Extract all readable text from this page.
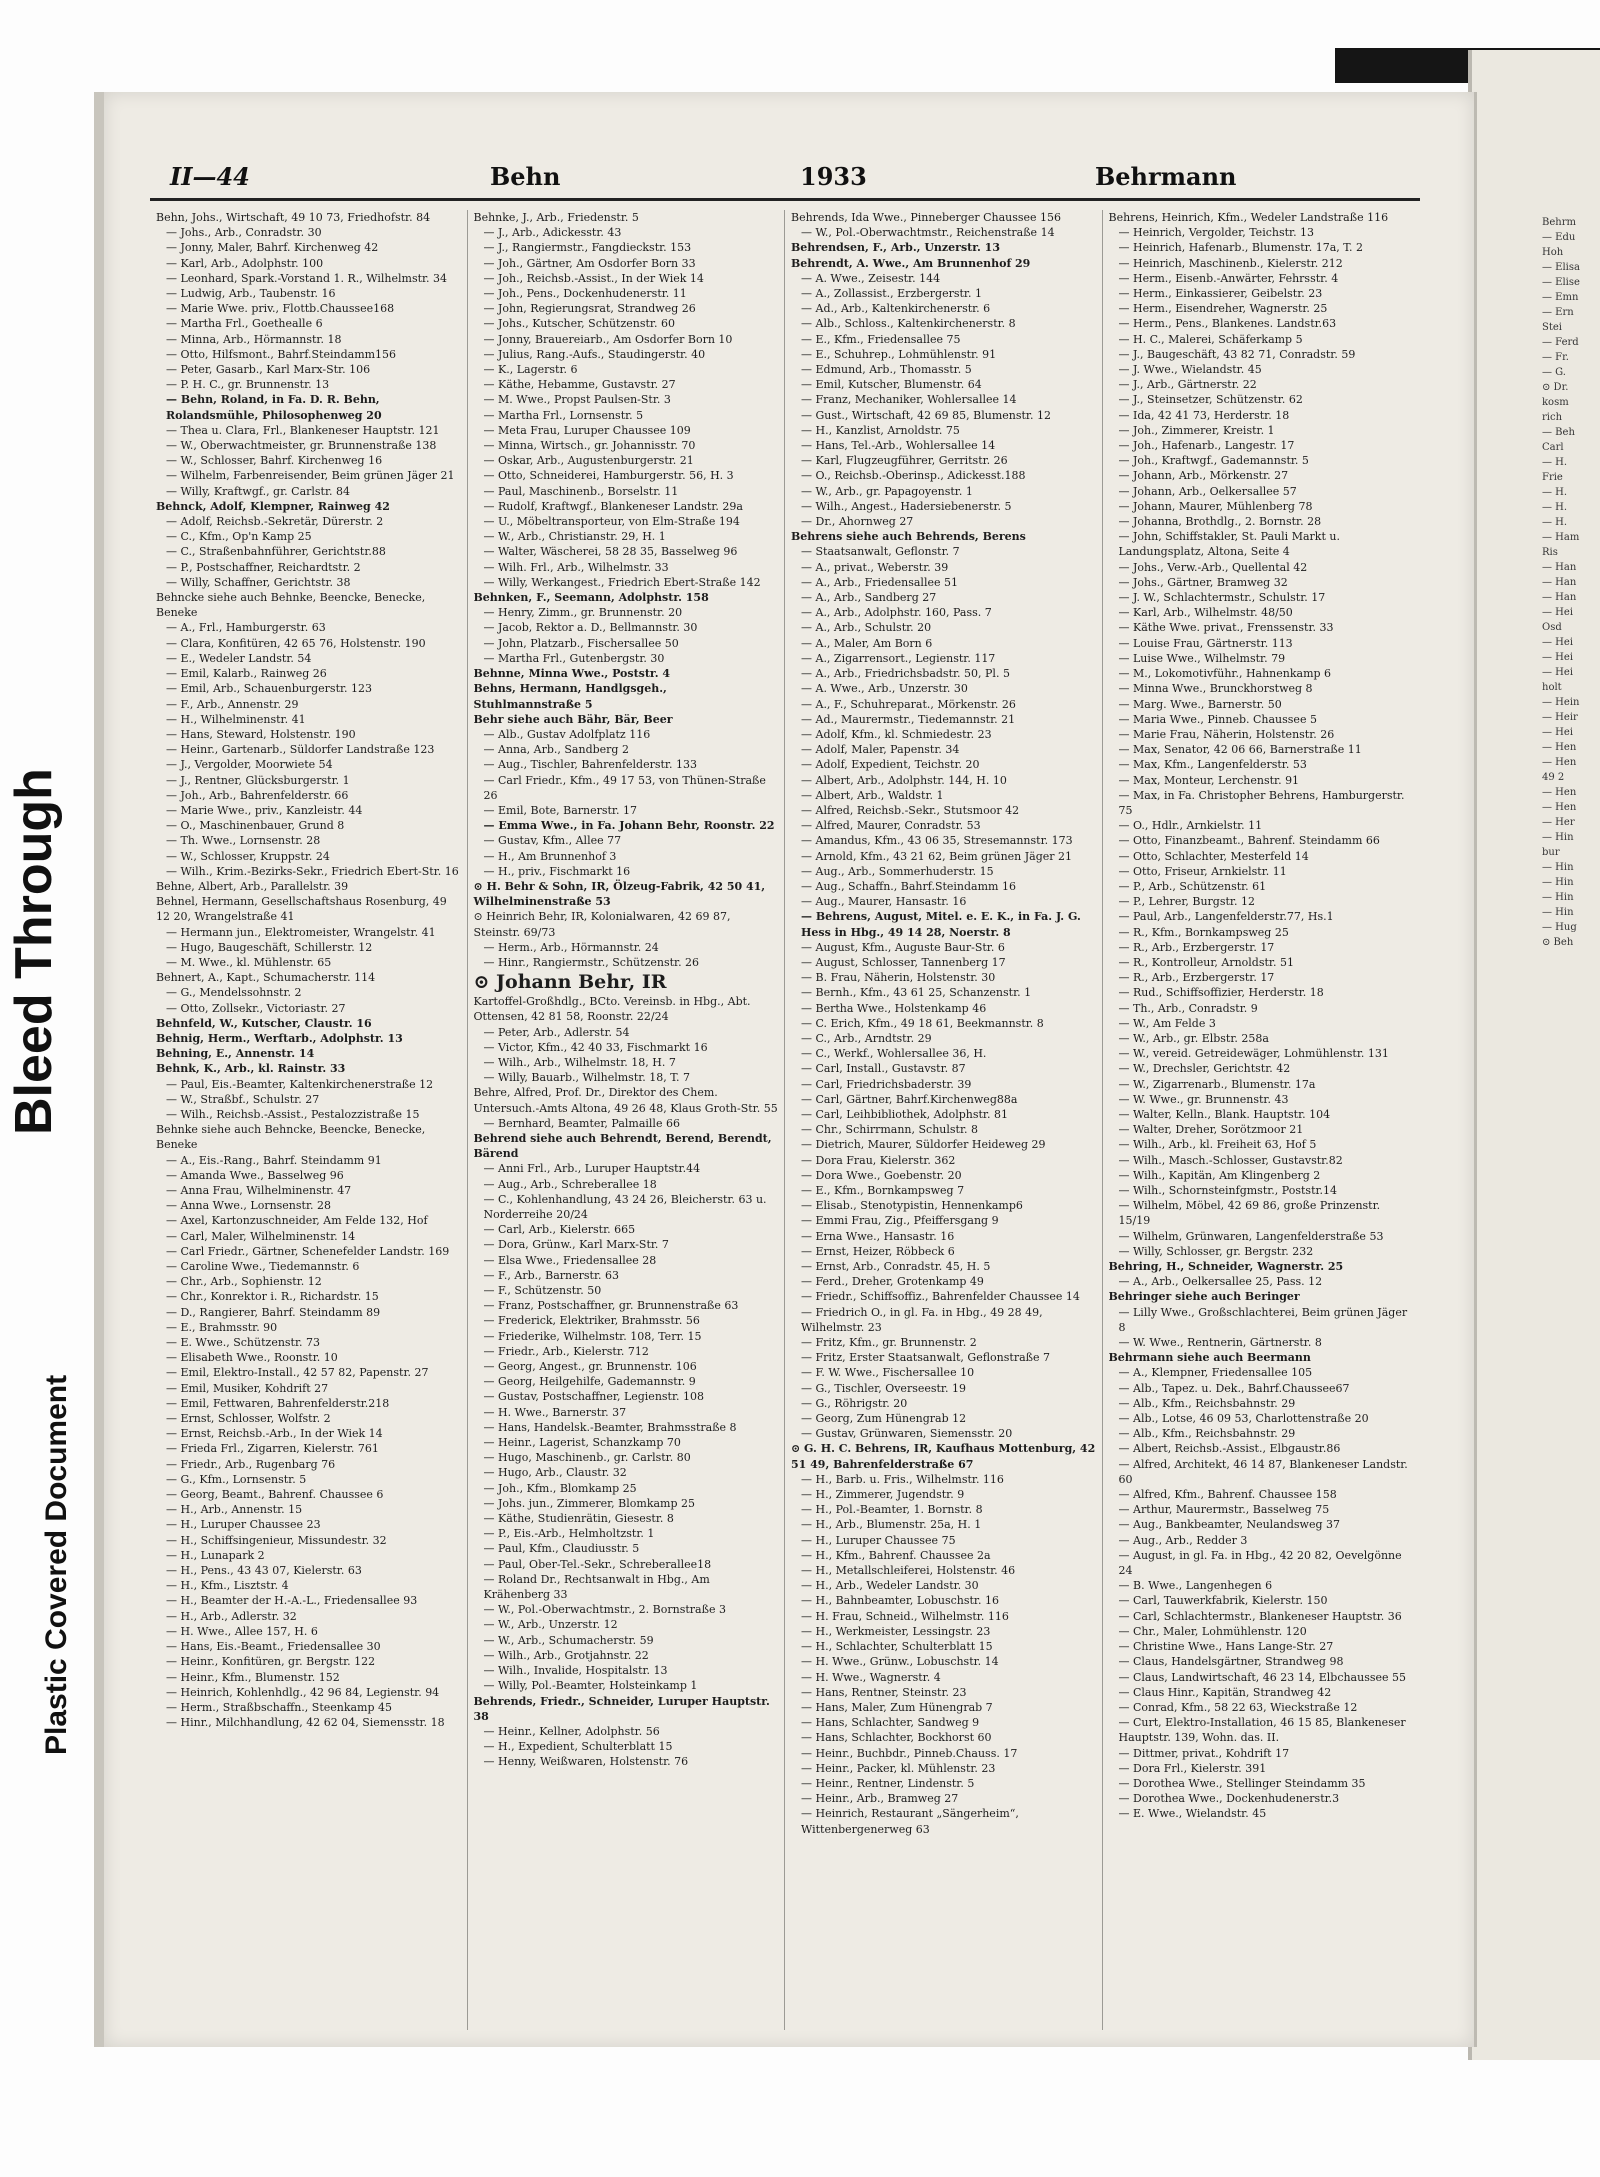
Bleed Through
Plastic Covered Document
Behrm
— Edu
Hoh
— Elisa
— Elise
— Emn
— Ern
Stei
— Ferd
— Fr.
— G.
⊙ Dr.
kosm
rich
— Beh
Carl
— H.
Frie
— H.
— H.
— H.
— Ham
Ris
— Han
— Han
— Han
— Hei
Osd
— Hei
— Hei
— Hei
holt
— Hein
— Heir
— Hei
— Hen
— Hen
49 2
— Hen
— Hen
— Her
— Hin
bur
— Hin
— Hin
— Hin
— Hin
— Hug
⊙ Beh
II—44	Behn	1933	Behrmann

Behn, Johs., Wirtschaft, 49 10 73, Friedhofstr. 84

— Johs., Arb., Conradstr. 30

— Jonny, Maler, Bahrf. Kirchenweg 42

— Karl, Arb., Adolphstr. 100

— Leonhard, Spark.-Vorstand 1. R., Wilhelmstr. 34

— Ludwig, Arb., Taubenstr. 16

— Marie Wwe. priv., Flottb.Chaussee168

— Martha Frl., Goethealle 6

— Minna, Arb., Hörmannstr. 18

— Otto, Hilfsmont., Bahrf.Steindamm156

— Peter, Gasarb., Karl Marx-Str. 106

— P. H. C., gr. Brunnenstr. 13

— Behn, Roland, in Fa. D. R. Behn, Rolandsmühle, Philosophenweg 20

— Thea u. Clara, Frl., Blankeneser Hauptstr. 121

— W., Oberwachtmeister, gr. Brunnenstraße 138

— W., Schlosser, Bahrf. Kirchenweg 16

— Wilhelm, Farbenreisender, Beim grünen Jäger 21

— Willy, Kraftwgf., gr. Carlstr. 84

Behnck, Adolf, Klempner, Rainweg 42

— Adolf, Reichsb.-Sekretär, Dürerstr. 2

— C., Kfm., Op'n Kamp 25

— C., Straßenbahnführer, Gerichtstr.88

— P., Postschaffner, Reichardtstr. 2

— Willy, Schaffner, Gerichtstr. 38

Behncke siehe auch Behnke, Beencke, Benecke, Beneke

— A., Frl., Hamburgerstr. 63

— Clara, Konfitüren, 42 65 76, Holstenstr. 190

— E., Wedeler Landstr. 54

— Emil, Kalarb., Rainweg 26

— Emil, Arb., Schauenburgerstr. 123

— F., Arb., Annenstr. 29

— H., Wilhelminenstr. 41

— Hans, Steward, Holstenstr. 190

— Heinr., Gartenarb., Süldorfer Landstraße 123

— J., Vergolder, Moorwiete 54

— J., Rentner, Glücksburgerstr. 1

— Joh., Arb., Bahrenfelderstr. 66

— Marie Wwe., priv., Kanzleistr. 44

— O., Maschinenbauer, Grund 8

— Th. Wwe., Lornsenstr. 28

— W., Schlosser, Kruppstr. 24

— Wilh., Krim.-Bezirks-Sekr., Friedrich Ebert-Str. 16

Behne, Albert, Arb., Parallelstr. 39

Behnel, Hermann, Gesellschaftshaus Rosenburg, 49 12 20, Wrangelstraße 41

— Hermann jun., Elektromeister, Wrangelstr. 41

— Hugo, Baugeschäft, Schillerstr. 12

— M. Wwe., kl. Mühlenstr. 65

Behnert, A., Kapt., Schumacherstr. 114

— G., Mendelssohnstr. 2

— Otto, Zollsekr., Victoriastr. 27

Behnfeld, W., Kutscher, Claustr. 16

Behnig, Herm., Werftarb., Adolphstr. 13

Behning, E., Annenstr. 14

Behnk, K., Arb., kl. Rainstr. 33

— Paul, Eis.-Beamter, Kaltenkirchenerstraße 12

— W., Straßbf., Schulstr. 27

— Wilh., Reichsb.-Assist., Pestalozzistraße 15

Behnke siehe auch Behncke, Beencke, Benecke, Beneke

— A., Eis.-Rang., Bahrf. Steindamm 91

— Amanda Wwe., Basselweg 96

— Anna Frau, Wilhelminenstr. 47

— Anna Wwe., Lornsenstr. 28

— Axel, Kartonzuschneider, Am Felde 132, Hof

— Carl, Maler, Wilhelminenstr. 14

— Carl Friedr., Gärtner, Schenefelder Landstr. 169

— Caroline Wwe., Tiedemannstr. 6

— Chr., Arb., Sophienstr. 12

— Chr., Konrektor i. R., Richardstr. 15

— D., Rangierer, Bahrf. Steindamm 89

— E., Brahmsstr. 90

— E. Wwe., Schützenstr. 73

— Elisabeth Wwe., Roonstr. 10

— Emil, Elektro-Install., 42 57 82, Papenstr. 27

— Emil, Musiker, Kohdrift 27

— Emil, Fettwaren, Bahrenfelderstr.218

— Ernst, Schlosser, Wolfstr. 2

— Ernst, Reichsb.-Arb., In der Wiek 14

— Frieda Frl., Zigarren, Kielerstr. 761

— Friedr., Arb., Rugenbarg 76

— G., Kfm., Lornsenstr. 5

— Georg, Beamt., Bahrenf. Chaussee 6

— H., Arb., Annenstr. 15

— H., Luruper Chaussee 23

— H., Schiffsingenieur, Missundestr. 32

— H., Lunapark 2

— H., Pens., 43 43 07, Kielerstr. 63

— H., Kfm., Lisztstr. 4

— H., Beamter der H.-A.-L., Friedensallee 93

— H., Arb., Adlerstr. 32

— H. Wwe., Allee 157, H. 6

— Hans, Eis.-Beamt., Friedensallee 30

— Heinr., Konfitüren, gr. Bergstr. 122

— Heinr., Kfm., Blumenstr. 152

— Heinrich, Kohlenhdlg., 42 96 84, Legienstr. 94

— Herm., Straßbschaffn., Steenkamp 45

— Hinr., Milchhandlung, 42 62 04, Siemensstr. 18

Behnke, J., Arb., Friedenstr. 5

— J., Arb., Adickesstr. 43

— J., Rangiermstr., Fangdieckstr. 153

— Joh., Gärtner, Am Osdorfer Born 33

— Joh., Reichsb.-Assist., In der Wiek 14

— Joh., Pens., Dockenhudenerstr. 11

— John, Regierungsrat, Strandweg 26

— Johs., Kutscher, Schützenstr. 60

— Jonny, Brauereiarb., Am Osdorfer Born 10

— Julius, Rang.-Aufs., Staudingerstr. 40

— K., Lagerstr. 6

— Käthe, Hebamme, Gustavstr. 27

— M. Wwe., Propst Paulsen-Str. 3

— Martha Frl., Lornsenstr. 5

— Meta Frau, Luruper Chaussee 109

— Minna, Wirtsch., gr. Johannisstr. 70

— Oskar, Arb., Augustenburgerstr. 21

— Otto, Schneiderei, Hamburgerstr. 56, H. 3

— Paul, Maschinenb., Borselstr. 11

— Rudolf, Kraftwgf., Blankeneser Landstr. 29a

— U., Möbeltransporteur, von Elm-Straße 194

— W., Arb., Christianstr. 29, H. 1

— Walter, Wäscherei, 58 28 35, Basselweg 96

— Wilh. Frl., Arb., Wilhelmstr. 33

— Willy, Werkangest., Friedrich Ebert-Straße 142

Behnken, F., Seemann, Adolphstr. 158

— Henry, Zimm., gr. Brunnenstr. 20

— Jacob, Rektor a. D., Bellmannstr. 30

— John, Platzarb., Fischersallee 50

— Martha Frl., Gutenbergstr. 30

Behnne, Minna Wwe., Poststr. 4

Behns, Hermann, Handlgsgeh., Stuhlmannstraße 5

Behr siehe auch Bähr, Bär, Beer

— Alb., Gustav Adolfplatz 116

— Anna, Arb., Sandberg 2

— Aug., Tischler, Bahrenfelderstr. 133

— Carl Friedr., Kfm., 49 17 53, von Thünen-Straße 26

— Emil, Bote, Barnerstr. 17

— Emma Wwe., in Fa. Johann Behr, Roonstr. 22

— Gustav, Kfm., Allee 77

— H., Am Brunnenhof 3

— H., priv., Fischmarkt 16

⊙ H. Behr & Sohn, IR, Ölzeug-Fabrik, 42 50 41, Wilhelminenstraße 53

⊙ Heinrich Behr, IR, Kolonialwaren, 42 69 87, Steinstr. 69/73

— Herm., Arb., Hörmannstr. 24

— Hinr., Rangiermstr., Schützenstr. 26

⊙ Johann Behr, IR

Kartoffel-Großhdlg., BCto. Vereinsb. in Hbg., Abt. Ottensen, 42 81 58, Roonstr. 22/24

— Peter, Arb., Adlerstr. 54

— Victor, Kfm., 42 40 33, Fischmarkt 16

— Wilh., Arb., Wilhelmstr. 18, H. 7

— Willy, Bauarb., Wilhelmstr. 18, T. 7

Behre, Alfred, Prof. Dr., Direktor des Chem. Untersuch.-Amts Altona, 49 26 48, Klaus Groth-Str. 55

— Bernhard, Beamter, Palmaille 66

Behrend siehe auch Behrendt, Berend, Berendt, Bärend

— Anni Frl., Arb., Luruper Hauptstr.44

— Aug., Arb., Schreberallee 18

— C., Kohlenhandlung, 43 24 26, Bleicherstr. 63 u. Norderreihe 20/24

— Carl, Arb., Kielerstr. 665

— Dora, Grünw., Karl Marx-Str. 7

— Elsa Wwe., Friedensallee 28

— F., Arb., Barnerstr. 63

— F., Schützenstr. 50

— Franz, Postschaffner, gr. Brunnenstraße 63

— Frederick, Elektriker, Brahmsstr. 56

— Friederike, Wilhelmstr. 108, Terr. 15

— Friedr., Arb., Kielerstr. 712

— Georg, Angest., gr. Brunnenstr. 106

— Georg, Heilgehilfe, Gademannstr. 9

— Gustav, Postschaffner, Legienstr. 108

— H. Wwe., Barnerstr. 37

— Hans, Handelsk.-Beamter, Brahmsstraße 8

— Heinr., Lagerist, Schanzkamp 70

— Hugo, Maschinenb., gr. Carlstr. 80

— Hugo, Arb., Claustr. 32

— Joh., Kfm., Blomkamp 25

— Johs. jun., Zimmerer, Blomkamp 25

— Käthe, Studienrätin, Giesestr. 8

— P., Eis.-Arb., Helmholtzstr. 1

— Paul, Kfm., Claudiusstr. 5

— Paul, Ober-Tel.-Sekr., Schreberallee18

— Roland Dr., Rechtsanwalt in Hbg., Am Krähenberg 33

— W., Pol.-Oberwachtmstr., 2. Bornstraße 3

— W., Arb., Unzerstr. 12

— W., Arb., Schumacherstr. 59

— Wilh., Arb., Grotjahnstr. 22

— Wilh., Invalide, Hospitalstr. 13

— Willy, Pol.-Beamter, Holsteinkamp 1

Behrends, Friedr., Schneider, Luruper Hauptstr. 38

— Heinr., Kellner, Adolphstr. 56

— H., Expedient, Schulterblatt 15

— Henny, Weißwaren, Holstenstr. 76

Behrends, Ida Wwe., Pinneberger Chaussee 156

— W., Pol.-Oberwachtmstr., Reichenstraße 14

Behrendsen, F., Arb., Unzerstr. 13

Behrendt, A. Wwe., Am Brunnenhof 29

— A. Wwe., Zeisestr. 144

— A., Zollassist., Erzbergerstr. 1

— Ad., Arb., Kaltenkirchenerstr. 6

— Alb., Schloss., Kaltenkirchenerstr. 8

— E., Kfm., Friedensallee 75

— E., Schuhrep., Lohmühlenstr. 91

— Edmund, Arb., Thomasstr. 5

— Emil, Kutscher, Blumenstr. 64

— Franz, Mechaniker, Wohlersallee 14

— Gust., Wirtschaft, 42 69 85, Blumenstr. 12

— H., Kanzlist, Arnoldstr. 75

— Hans, Tel.-Arb., Wohlersallee 14

— Karl, Flugzeugführer, Gerritstr. 26

— O., Reichsb.-Oberinsp., Adickesst.188

— W., Arb., gr. Papagoyenstr. 1

— Wilh., Angest., Hadersiebenerstr. 5

— Dr., Ahornweg 27

Behrens siehe auch Behrends, Berens

— Staatsanwalt, Geflonstr. 7

— A., privat., Weberstr. 39

— A., Arb., Friedensallee 51

— A., Arb., Sandberg 27

— A., Arb., Adolphstr. 160, Pass. 7

— A., Arb., Schulstr. 20

— A., Maler, Am Born 6

— A., Zigarrensort., Legienstr. 117

— A., Arb., Friedrichsbadstr. 50, Pl. 5

— A. Wwe., Arb., Unzerstr. 30

— A., F., Schuhreparat., Mörkenstr. 26

— Ad., Maurermstr., Tiedemannstr. 21

— Adolf, Kfm., kl. Schmiedestr. 23

— Adolf, Maler, Papenstr. 34

— Adolf, Expedient, Teichstr. 20

— Albert, Arb., Adolphstr. 144, H. 10

— Albert, Arb., Waldstr. 1

— Alfred, Reichsb.-Sekr., Stutsmoor 42

— Alfred, Maurer, Conradstr. 53

— Amandus, Kfm., 43 06 35, Stresemannstr. 173

— Arnold, Kfm., 43 21 62, Beim grünen Jäger 21

— Aug., Arb., Sommerhuderstr. 15

— Aug., Schaffn., Bahrf.Steindamm 16

— Aug., Maurer, Hansastr. 16

— Behrens, August, Mitel. e. E. K., in Fa. J. G. Hess in Hbg., 49 14 28, Noerstr. 8

— August, Kfm., Auguste Baur-Str. 6

— August, Schlosser, Tannenberg 17

— B. Frau, Näherin, Holstenstr. 30

— Bernh., Kfm., 43 61 25, Schanzenstr. 1

— Bertha Wwe., Holstenkamp 46

— C. Erich, Kfm., 49 18 61, Beekmannstr. 8

— C., Arb., Arndtstr. 29

— C., Werkf., Wohlersallee 36, H.

— Carl, Install., Gustavstr. 87

— Carl, Friedrichsbaderstr. 39

— Carl, Gärtner, Bahrf.Kirchenweg88a

— Carl, Leihbibliothek, Adolphstr. 81

— Chr., Schirrmann, Schulstr. 8

— Dietrich, Maurer, Süldorfer Heideweg 29

— Dora Frau, Kielerstr. 362

— Dora Wwe., Goebenstr. 20

— E., Kfm., Bornkampsweg 7

— Elisab., Stenotypistin, Hennenkamp6

— Emmi Frau, Zig., Pfeiffersgang 9

— Erna Wwe., Hansastr. 16

— Ernst, Heizer, Röbbeck 6

— Ernst, Arb., Conradstr. 45, H. 5

— Ferd., Dreher, Grotenkamp 49

— Friedr., Schiffsoffiz., Bahrenfelder Chaussee 14

— Friedrich O., in gl. Fa. in Hbg., 49 28 49, Wilhelmstr. 23

— Fritz, Kfm., gr. Brunnenstr. 2

— Fritz, Erster Staatsanwalt, Geflonstraße 7

— F. W. Wwe., Fischersallee 10

— G., Tischler, Overseestr. 19

— G., Röhrigstr. 20

— Georg, Zum Hünengrab 12

— Gustav, Grünwaren, Siemensstr. 20

⊙ G. H. C. Behrens, IR, Kaufhaus Mottenburg, 42 51 49, Bahrenfelderstraße 67

— H., Barb. u. Fris., Wilhelmstr. 116

— H., Zimmerer, Jugendstr. 9

— H., Pol.-Beamter, 1. Bornstr. 8

— H., Arb., Blumenstr. 25a, H. 1

— H., Luruper Chaussee 75

— H., Kfm., Bahrenf. Chaussee 2a

— H., Metallschleiferei, Holstenstr. 46

— H., Arb., Wedeler Landstr. 30

— H., Bahnbeamter, Lobuschstr. 16

— H. Frau, Schneid., Wilhelmstr. 116

— H., Werkmeister, Lessingstr. 23

— H., Schlachter, Schulterblatt 15

— H. Wwe., Grünw., Lobuschstr. 14

— H. Wwe., Wagnerstr. 4

— Hans, Rentner, Steinstr. 23

— Hans, Maler, Zum Hünengrab 7

— Hans, Schlachter, Sandweg 9

— Hans, Schlachter, Bockhorst 60

— Heinr., Buchbdr., Pinneb.Chauss. 17

— Heinr., Packer, kl. Mühlenstr. 23

— Heinr., Rentner, Lindenstr. 5

— Heinr., Arb., Bramweg 27

— Heinrich, Restaurant „Sängerheim“, Wittenbergenerweg 63

Behrens, Heinrich, Kfm., Wedeler Landstraße 116

— Heinrich, Vergolder, Teichstr. 13

— Heinrich, Hafenarb., Blumenstr. 17a, T. 2

— Heinrich, Maschinenb., Kielerstr. 212

— Herm., Eisenb.-Anwärter, Fehrsstr. 4

— Herm., Einkassierer, Geibelstr. 23

— Herm., Eisendreher, Wagnerstr. 25

— Herm., Pens., Blankenes. Landstr.63

— H. C., Malerei, Schäferkamp 5

— J., Baugeschäft, 43 82 71, Conradstr. 59

— J. Wwe., Wielandstr. 45

— J., Arb., Gärtnerstr. 22

— J., Steinsetzer, Schützenstr. 62

— Ida, 42 41 73, Herderstr. 18

— Joh., Zimmerer, Kreistr. 1

— Joh., Hafenarb., Langestr. 17

— Joh., Kraftwgf., Gademannstr. 5

— Johann, Arb., Mörkenstr. 27

— Johann, Arb., Oelkersallee 57

— Johann, Maurer, Mühlenberg 78

— Johanna, Brothdlg., 2. Bornstr. 28

— John, Schiffstakler, St. Pauli Markt u. Landungsplatz, Altona, Seite 4

— Johs., Verw.-Arb., Quellental 42

— Johs., Gärtner, Bramweg 32

— J. W., Schlachtermstr., Schulstr. 17

— Karl, Arb., Wilhelmstr. 48/50

— Käthe Wwe. privat., Frenssenstr. 33

— Louise Frau, Gärtnerstr. 113

— Luise Wwe., Wilhelmstr. 79

— M., Lokomotivführ., Hahnenkamp 6

— Minna Wwe., Brunckhorstweg 8

— Marg. Wwe., Barnerstr. 50

— Maria Wwe., Pinneb. Chaussee 5

— Marie Frau, Näherin, Holstenstr. 26

— Max, Senator, 42 06 66, Barnerstraße 11

— Max, Kfm., Langenfelderstr. 53

— Max, Monteur, Lerchenstr. 91

— Max, in Fa. Christopher Behrens, Hamburgerstr. 75

— O., Hdlr., Arnkielstr. 11

— Otto, Finanzbeamt., Bahrenf. Steindamm 66

— Otto, Schlachter, Mesterfeld 14

— Otto, Friseur, Arnkielstr. 11

— P., Arb., Schützenstr. 61

— P., Lehrer, Burgstr. 12

— Paul, Arb., Langenfelderstr.77, Hs.1

— R., Kfm., Bornkampsweg 25

— R., Arb., Erzbergerstr. 17

— R., Kontrolleur, Arnoldstr. 51

— R., Arb., Erzbergerstr. 17

— Rud., Schiffsoffizier, Herderstr. 18

— Th., Arb., Conradstr. 9

— W., Am Felde 3

— W., Arb., gr. Elbstr. 258a

— W., vereid. Getreidewäger, Lohmühlenstr. 131

— W., Drechsler, Gerichtstr. 42

— W., Zigarrenarb., Blumenstr. 17a

— W. Wwe., gr. Brunnenstr. 43

— Walter, Kelln., Blank. Hauptstr. 104

— Walter, Dreher, Sorötzmoor 21

— Wilh., Arb., kl. Freiheit 63, Hof 5

— Wilh., Masch.-Schlosser, Gustavstr.82

— Wilh., Kapitän, Am Klingenberg 2

— Wilh., Schornsteinfgmstr., Poststr.14

— Wilhelm, Möbel, 42 69 86, große Prinzenstr. 15/19

— Wilhelm, Grünwaren, Langenfelderstraße 53

— Willy, Schlosser, gr. Bergstr. 232

Behring, H., Schneider, Wagnerstr. 25

— A., Arb., Oelkersallee 25, Pass. 12

Behringer siehe auch Beringer

— Lilly Wwe., Großschlachterei, Beim grünen Jäger 8

— W. Wwe., Rentnerin, Gärtnerstr. 8

Behrmann siehe auch Beermann

— A., Klempner, Friedensallee 105

— Alb., Tapez. u. Dek., Bahrf.Chaussee67

— Alb., Kfm., Reichsbahnstr. 29

— Alb., Lotse, 46 09 53, Charlottenstraße 20

— Alb., Kfm., Reichsbahnstr. 29

— Albert, Reichsb.-Assist., Elbgaustr.86

— Alfred, Architekt, 46 14 87, Blankeneser Landstr. 60

— Alfred, Kfm., Bahrenf. Chaussee 158

— Arthur, Maurermstr., Basselweg 75

— Aug., Bankbeamter, Neulandsweg 37

— Aug., Arb., Redder 3

— August, in gl. Fa. in Hbg., 42 20 82, Oevelgönne 24

— B. Wwe., Langenhegen 6

— Carl, Tauwerkfabrik, Kielerstr. 150

— Carl, Schlachtermstr., Blankeneser Hauptstr. 36

— Chr., Maler, Lohmühlenstr. 120

— Christine Wwe., Hans Lange-Str. 27

— Claus, Handelsgärtner, Strandweg 98

— Claus, Landwirtschaft, 46 23 14, Elbchaussee 55

— Claus Hinr., Kapitän, Strandweg 42

— Conrad, Kfm., 58 22 63, Wieckstraße 12

— Curt, Elektro-Installation, 46 15 85, Blankeneser Hauptstr. 139, Wohn. das. II.

— Dittmer, privat., Kohdrift 17

— Dora Frl., Kielerstr. 391

— Dorothea Wwe., Stellinger Steindamm 35

— Dorothea Wwe., Dockenhudenerstr.3

— E. Wwe., Wielandstr. 45
